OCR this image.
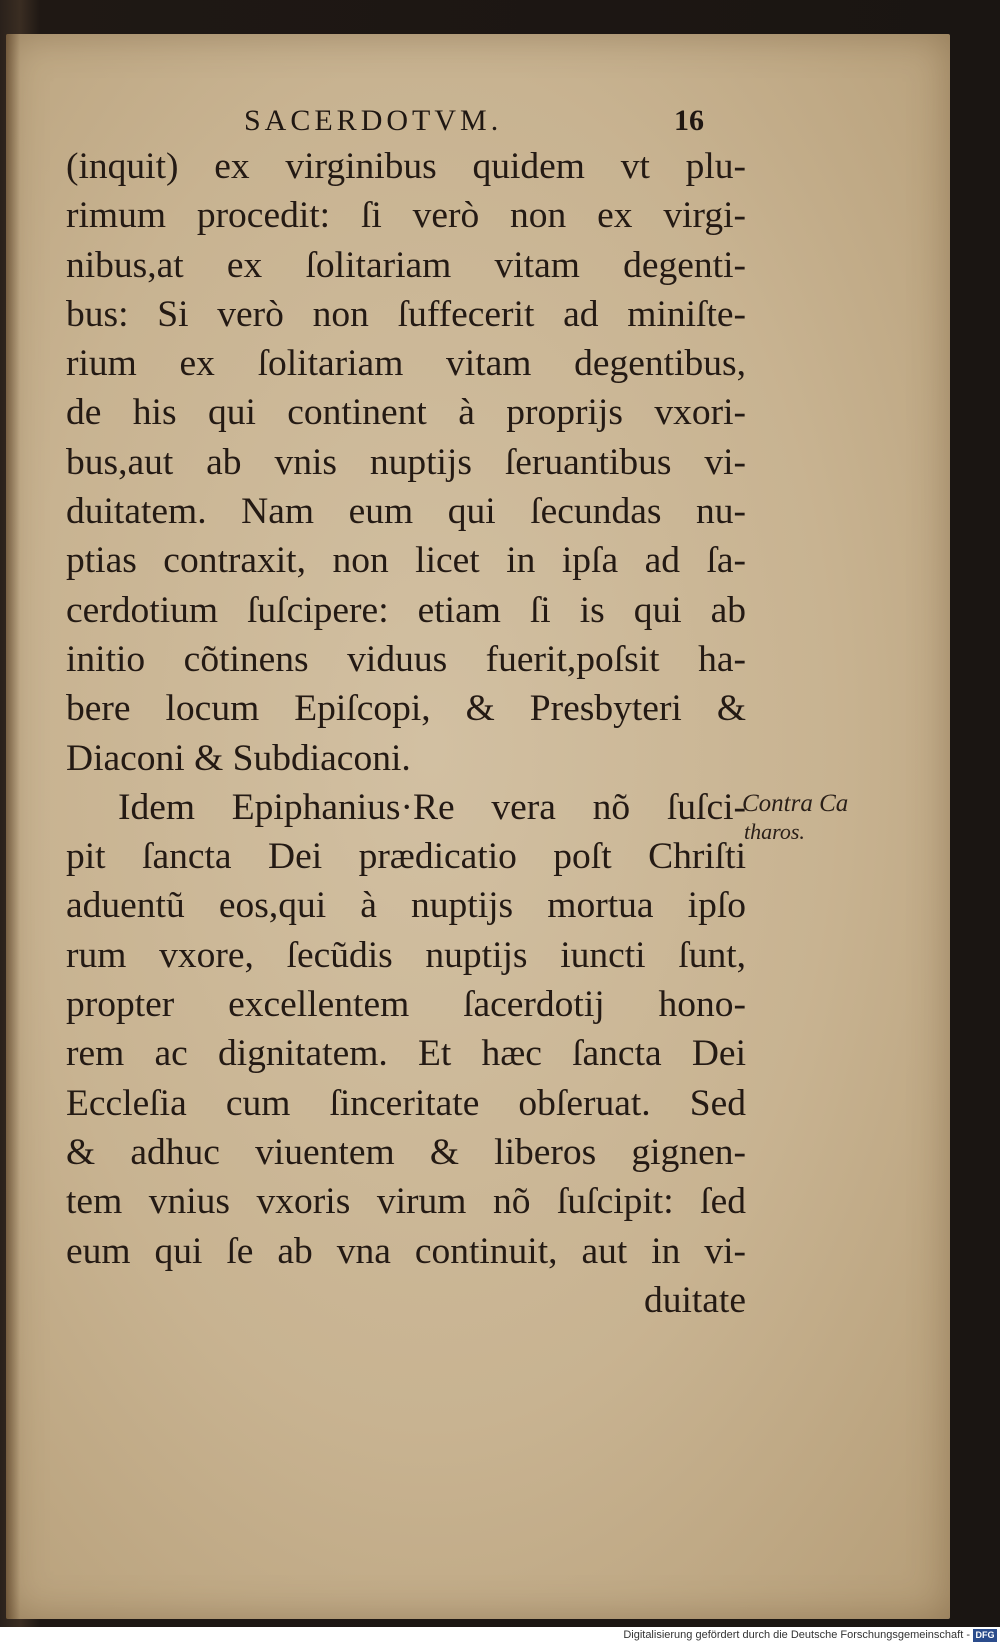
SACERDOTVM.	16
(inquit) ex virginibus quidem vt plu-
rimum procedit: ſi verò non ex virgi-
nibus,at ex ſolitariam vitam degenti-
bus: Si verò non ſuffecerit ad miniſte-
rium ex ſolitariam vitam degentibus,
de his qui continent à proprijs vxori-
bus,aut ab vnis nuptijs ſeruantibus vi-
duitatem. Nam eum qui ſecundas nu-
ptias contraxit, non licet in ipſa ad ſa-
cerdotium ſuſcipere: etiam ſi is qui ab
initio cõtinens viduus fuerit,poſsit ha-
bere locum Epiſcopi, & Presbyteri &
Diaconi & Subdiaconi.
Idem Epiphanius·Re vera nõ ſuſci-
pit ſancta Dei prædicatio poſt Chriſti
aduentũ eos,qui à nuptijs mortua ipſo
rum vxore, ſecũdis nuptijs iuncti ſunt,
propter excellentem ſacerdotij hono-
rem ac dignitatem. Et hæc ſancta Dei
Eccleſia cum ſinceritate obſeruat. Sed
& adhuc viuentem & liberos gignen-
tem vnius vxoris virum nõ ſuſcipit: ſed
eum qui ſe ab vna continuit, aut in vi-
duitate
Contra Ca
tharos.
Digitalisierung gefördert durch die Deutsche Forschungsgemeinschaft - DFG
